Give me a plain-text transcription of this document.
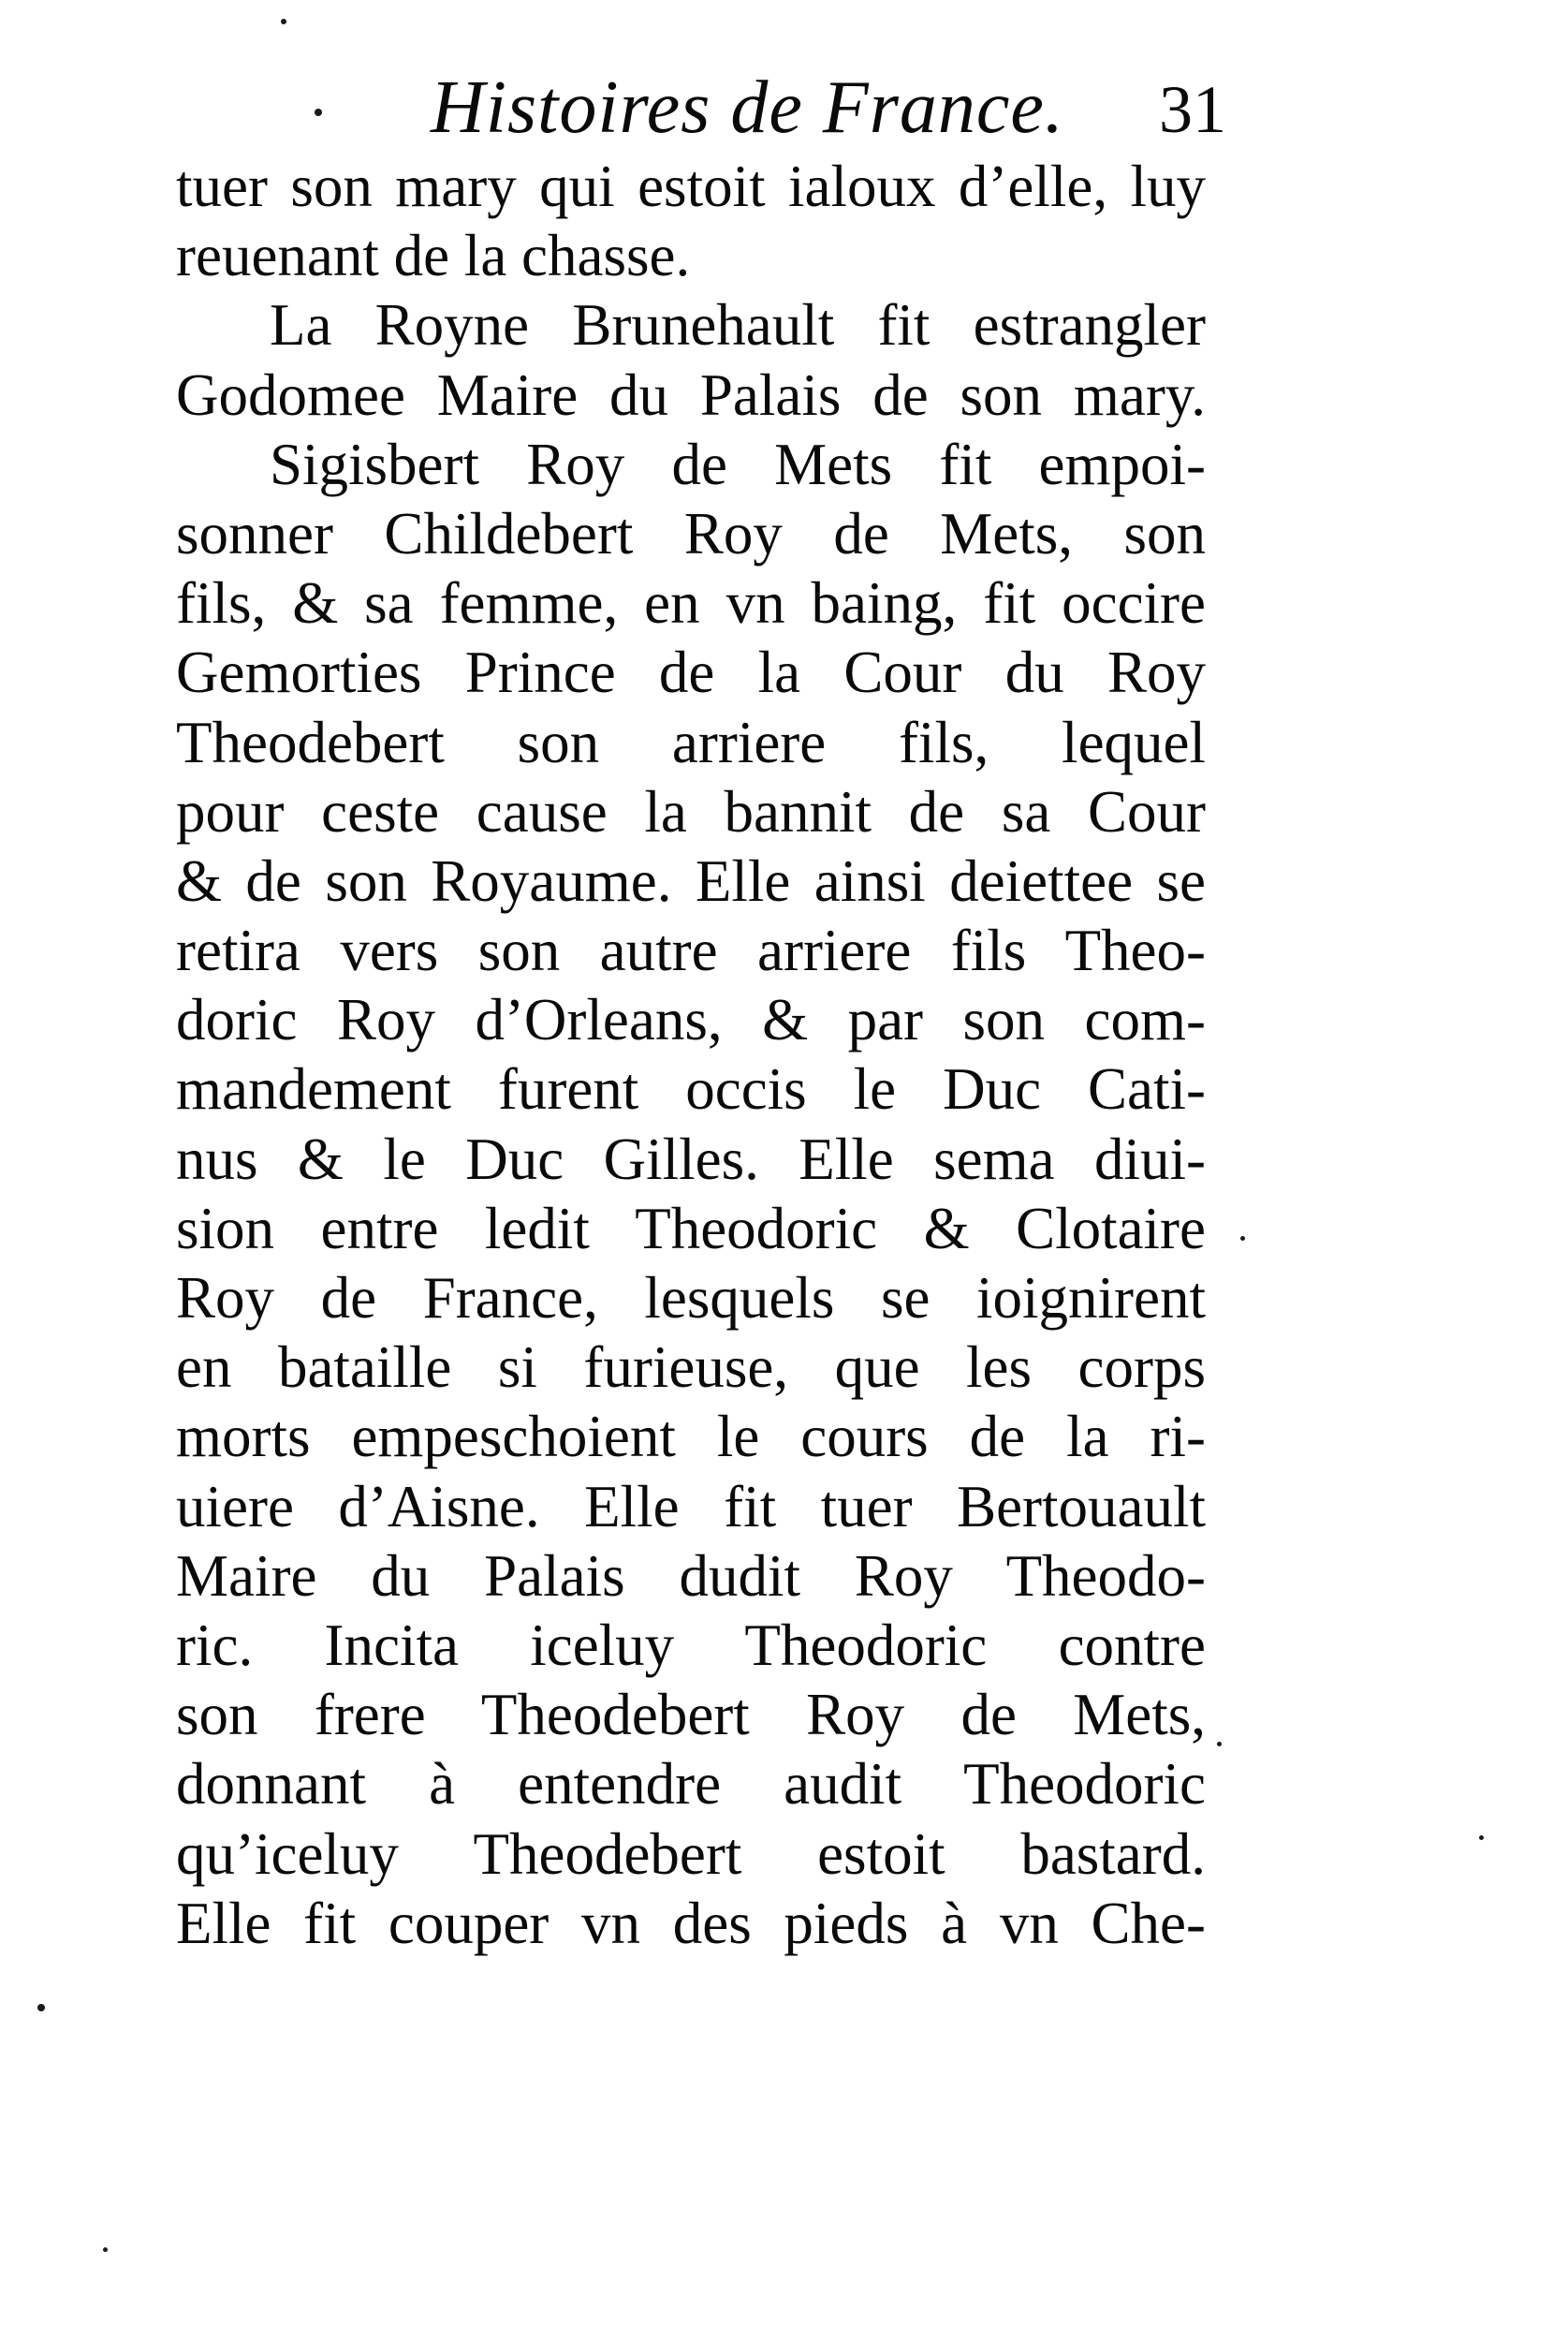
Histoires de France. 31
tuer son mary qui estoit ialoux d’elle, luy
reuenant de la chasse.
La Royne Brunehault fit estrangler
Godomee Maire du Palais de son mary.
Sigisbert Roy de Mets fit empoi-
sonner Childebert Roy de Mets, son
fils, & sa femme, en vn baing, fit occire
Gemorties Prince de la Cour du Roy
Theodebert son arriere fils, lequel
pour ceste cause la bannit de sa Cour
& de son Royaume. Elle ainsi deiettee se
retira vers son autre arriere fils Theo-
doric Roy d’Orleans, & par son com-
mandement furent occis le Duc Cati-
nus & le Duc Gilles. Elle sema diui-
sion entre ledit Theodoric & Clotaire
Roy de France, lesquels se ioignirent
en bataille si furieuse, que les corps
morts empeschoient le cours de la ri-
uiere d’Aisne. Elle fit tuer Bertouault
Maire du Palais dudit Roy Theodo-
ric. Incita iceluy Theodoric contre
son frere Theodebert Roy de Mets,
donnant à entendre audit Theodoric
qu’iceluy Theodebert estoit bastard.
Elle fit couper vn des pieds à vn Che-
